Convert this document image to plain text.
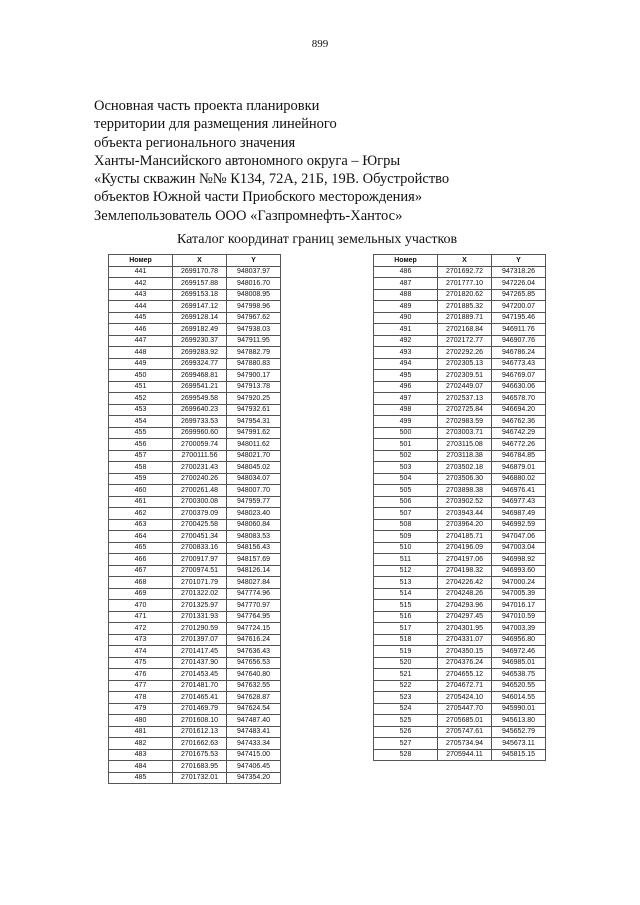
899
Основная часть проекта планировки
территории для размещения линейного
объекта регионального значения
Ханты-Мансийского автономного округа – Югры
«Кусты скважин №№ К134, 72А, 21Б, 19В. Обустройство
объектов Южной части Приобского месторождения»
Землепользователь ООО «Газпромнефть-Хантос»
Каталог координат границ земельных участков
Номер	X	Y
441	2699170.78	948037.97
442	2699157.88	948016.70
443	2699153.18	948008.95
444	2699147.12	947998.96
445	2699128.14	947967.62
446	2699182.49	947938.03
447	2699230.37	947911.95
448	2699283.92	947882.79
449	2699324.77	947880.83
450	2699468.81	947900.17
451	2699541.21	947913.78
452	2699549.58	947920.25
453	2699640.23	947932.61
454	2699733.53	947954.31
455	2699960.60	947991.62
456	2700059.74	948011.62
457	2700111.56	948021.70
458	2700231.43	948045.02
459	2700240.26	948034.07
460	2700261.48	948007.70
461	2700300.08	947959.77
462	2700379.09	948023.40
463	2700425.58	948060.84
464	2700451.34	948083.53
465	2700833.16	948156.43
466	2700917.97	948157.69
467	2700974.51	948126.14
468	2701071.79	948027.84
469	2701322.02	947774.96
470	2701325.97	947770.97
471	2701331.93	947764.95
472	2701290.59	947724.15
473	2701397.07	947616.24
474	2701417.45	947636.43
475	2701437.90	947656.53
476	2701453.45	947640.80
477	2701481.70	947632.55
478	2701465.41	947628.87
479	2701469.79	947624.54
480	2701608.10	947487.40
481	2701612.13	947483.41
482	2701662.63	947433.34
483	2701675.53	947415.00
484	2701683.95	947406.45
485	2701732.01	947354.20
Номер	X	Y
486	2701692.72	947318.26
487	2701777.10	947226.04
488	2701820.62	947265.85
489	2701885.32	947200.07
490	2701889.71	947195.46
491	2702168.84	946911.76
492	2702172.77	946907.76
493	2702292.26	946786.24
494	2702305.13	946773.43
495	2702309.51	946769.07
496	2702449.07	946630.06
497	2702537.13	946578.70
498	2702725.84	946694.20
499	2702983.59	946762.36
500	2703003.71	946742.29
501	2703115.08	946772.26
502	2703118.38	946784.85
503	2703502.18	946879.01
504	2703506.30	946880.02
505	2703898.38	946976.41
506	2703902.52	946977.43
507	2703943.44	946987.49
508	2703964.20	946992.59
509	2704185.71	947047.06
510	2704196.09	947003.04
511	2704197.06	946998.92
512	2704198.32	946993.60
513	2704226.42	947000.24
514	2704248.26	947005.39
515	2704293.96	947016.17
516	2704297.45	947010.59
517	2704301.95	947003.39
518	2704331.07	946956.80
519	2704350.15	946972.46
520	2704376.24	946985.01
521	2704655.12	946538.75
522	2704672.71	946520.55
523	2705424.10	946014.55
524	2705447.70	945990.01
525	2705685.01	945613.80
526	2705747.61	945652.79
527	2705734.94	945673.11
528	2705944.11	945815.15
